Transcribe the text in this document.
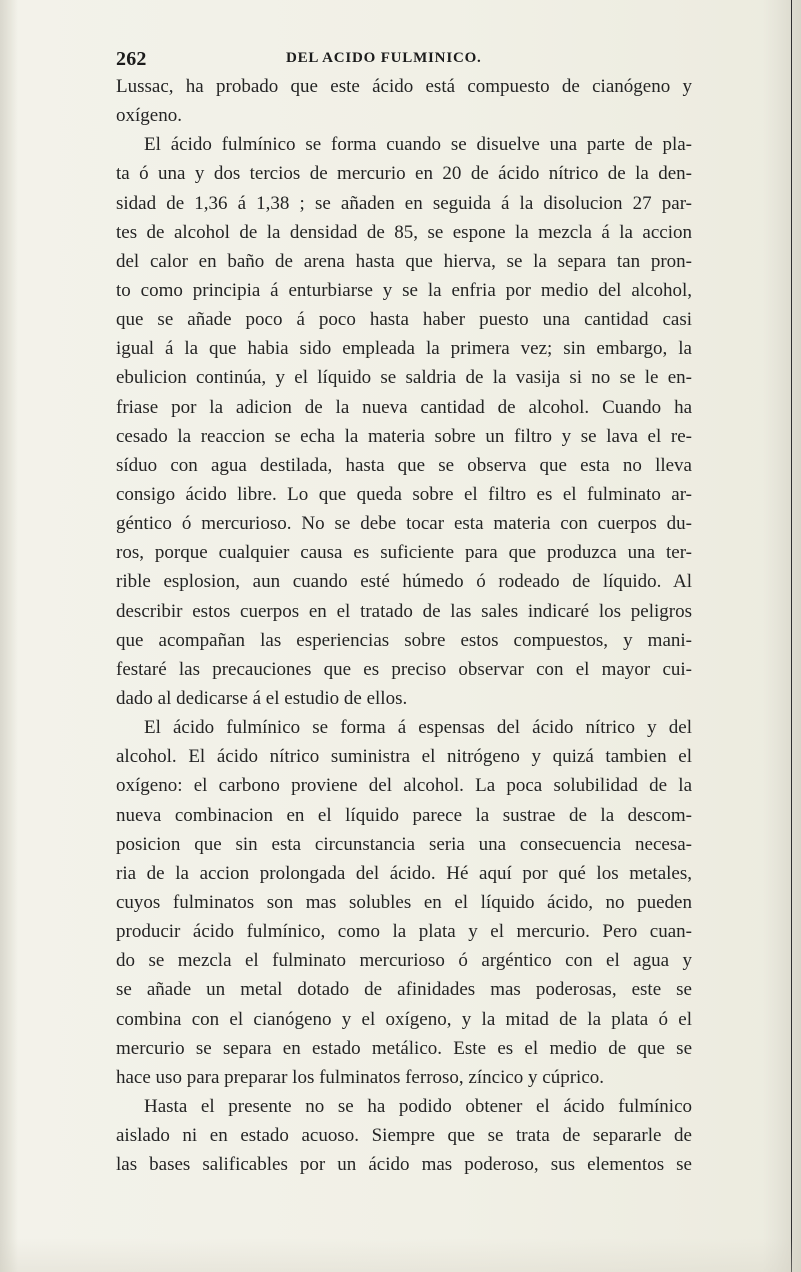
262	DEL ACIDO FULMINICO.
Lussac, ha probado que este ácido está compuesto de cianógeno y
oxígeno.
El ácido fulmínico se forma cuando se disuelve una parte de pla-
ta ó una y dos tercios de mercurio en 20 de ácido nítrico de la den-
sidad de 1,36 á 1,38 ; se añaden en seguida á la disolucion 27 par-
tes de alcohol de la densidad de 85, se espone la mezcla á la accion
del calor en baño de arena hasta que hierva, se la separa tan pron-
to como principia á enturbiarse y se la enfria por medio del alcohol,
que se añade poco á poco hasta haber puesto una cantidad casi
igual á la que habia sido empleada la primera vez; sin embargo, la
ebulicion continúa, y el líquido se saldria de la vasija si no se le en-
friase por la adicion de la nueva cantidad de alcohol. Cuando ha
cesado la reaccion se echa la materia sobre un filtro y se lava el re-
síduo con agua destilada, hasta que se observa que esta no lleva
consigo ácido libre. Lo que queda sobre el filtro es el fulminato ar-
géntico ó mercurioso. No se debe tocar esta materia con cuerpos du-
ros, porque cualquier causa es suficiente para que produzca una ter-
rible esplosion, aun cuando esté húmedo ó rodeado de líquido. Al
describir estos cuerpos en el tratado de las sales indicaré los peligros
que acompañan las esperiencias sobre estos compuestos, y mani-
festaré las precauciones que es preciso observar con el mayor cui-
dado al dedicarse á el estudio de ellos.
El ácido fulmínico se forma á espensas del ácido nítrico y del
alcohol. El ácido nítrico suministra el nitrógeno y quizá tambien el
oxígeno: el carbono proviene del alcohol. La poca solubilidad de la
nueva combinacion en el líquido parece la sustrae de la descom-
posicion que sin esta circunstancia seria una consecuencia necesa-
ria de la accion prolongada del ácido. Hé aquí por qué los metales,
cuyos fulminatos son mas solubles en el líquido ácido, no pueden
producir ácido fulmínico, como la plata y el mercurio. Pero cuan-
do se mezcla el fulminato mercurioso ó argéntico con el agua y
se añade un metal dotado de afinidades mas poderosas, este se
combina con el cianógeno y el oxígeno, y la mitad de la plata ó el
mercurio se separa en estado metálico. Este es el medio de que se
hace uso para preparar los fulminatos ferroso, zíncico y cúprico.
Hasta el presente no se ha podido obtener el ácido fulmínico
aislado ni en estado acuoso. Siempre que se trata de separarle de
las bases salificables por un ácido mas poderoso, sus elementos se
